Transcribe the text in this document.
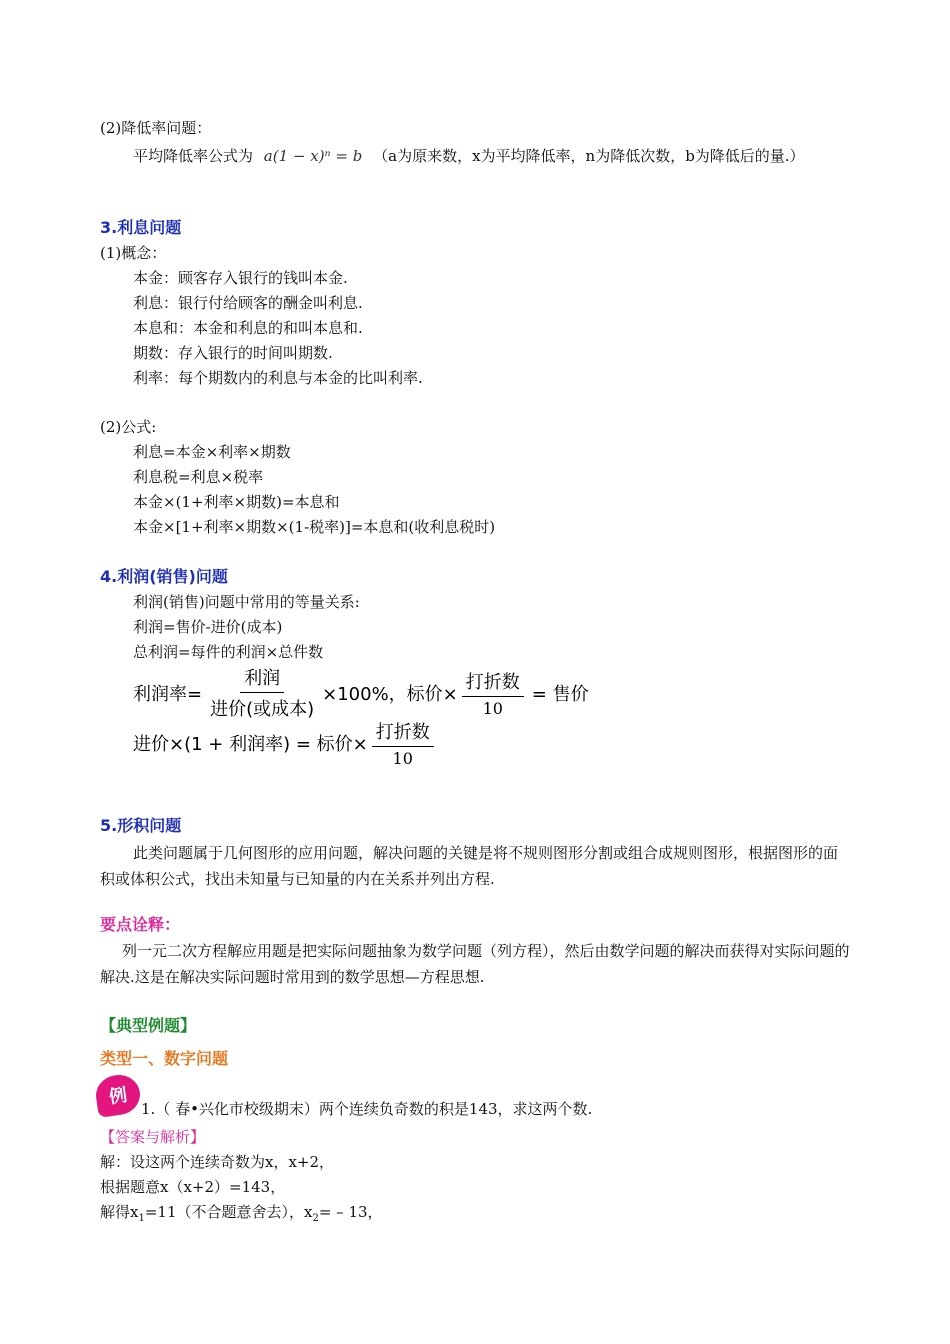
(2)降低率问题：
平均降低率公式为 a(1 − x)ⁿ = b （a为原来数，x为平均降低率，n为降低次数，b为降低后的量.）
3.利息问题
(1)概念：
本金：顾客存入银行的钱叫本金.
利息：银行付给顾客的酬金叫利息.
本息和：本金和利息的和叫本息和.
期数：存入银行的时间叫期数.
利率：每个期数内的利息与本金的比叫利率.
(2)公式:
利息=本金×利率×期数
利息税=利息×税率
本金×(1+利率×期数)=本息和
本金×[1+利率×期数×(1-税率)]=本息和(收利息税时)
4.利润(销售)问题
利润(销售)问题中常用的等量关系:
利润=售价-进价(成本)
总利润=每件的利润×总件数
利润率= $\frac{\text{利润}}{\text{进价(或成本)}} \times 100\%$，标价× $\frac{\text{打折数}}{10}$ = 售价
进价×(1 + 利润率) = 标价× $\frac{\text{打折数}}{10}$
5.形积问题
此类问题属于几何图形的应用问题，解决问题的关键是将不规则图形分割或组合成规则图形，根据图形的面积或体积公式，找出未知量与已知量的内在关系并列出方程.
要点诠释：
列一元二次方程解应用题是把实际问题抽象为数学问题（列方程），然后由数学问题的解决而获得对实际问题的解决.这是在解决实际问题时常用到的数学思想—方程思想.
【典型例题】
类型一、数字问题
例
1.（ 春•兴化市校级期末）两个连续负奇数的积是143，求这两个数.
【答案与解析】
解：设这两个连续奇数为x，x+2，
根据题意x（x+2）=143，
解得$x_1=11$（不合题意舍去），$x_2= - 13$，
